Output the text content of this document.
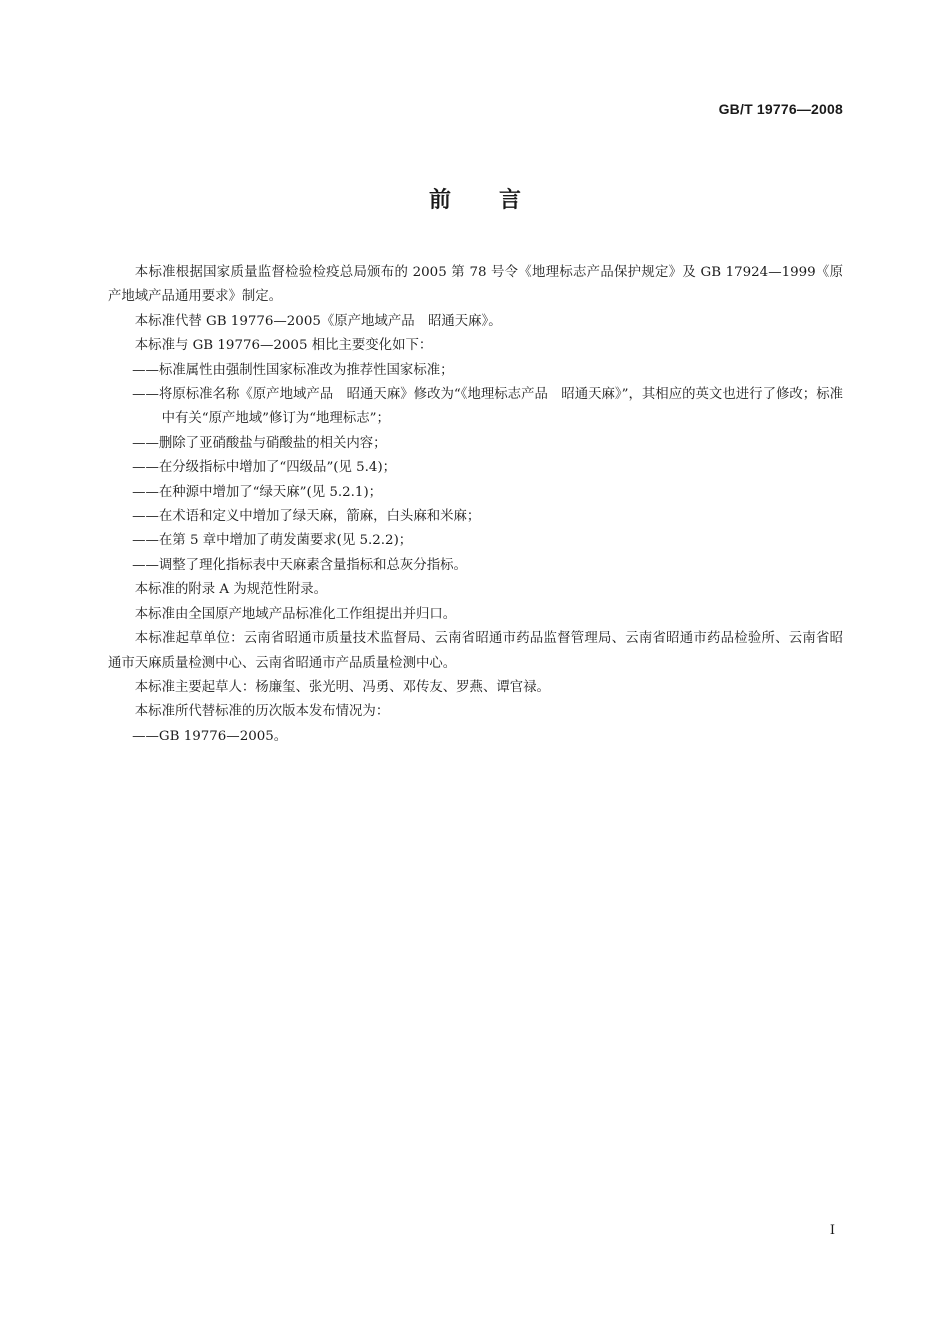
GB/T 19776—2008
前言

本标准根据国家质量监督检验检疫总局颁布的 2005 第 78 号令《地理标志产品保护规定》及 GB 17924—1999《原产地域产品通用要求》制定。

本标准代替 GB 19776—2005《原产地域产品　昭通天麻》。

本标准与 GB 19776—2005 相比主要变化如下：

——标准属性由强制性国家标准改为推荐性国家标准；

——将原标准名称《原产地域产品　昭通天麻》修改为“《地理标志产品　昭通天麻》”，其相应的英文也进行了修改；标准中有关“原产地域”修订为“地理标志”；

——删除了亚硝酸盐与硝酸盐的相关内容；

——在分级指标中增加了“四级品”(见 5.4)；

——在种源中增加了“绿天麻”(见 5.2.1)；

——在术语和定义中增加了绿天麻，箭麻，白头麻和米麻；

——在第 5 章中增加了萌发菌要求(见 5.2.2)；

——调整了理化指标表中天麻素含量指标和总灰分指标。

本标准的附录 A 为规范性附录。

本标准由全国原产地域产品标准化工作组提出并归口。

本标准起草单位：云南省昭通市质量技术监督局、云南省昭通市药品监督管理局、云南省昭通市药品检验所、云南省昭通市天麻质量检测中心、云南省昭通市产品质量检测中心。

本标准主要起草人：杨廉玺、张光明、冯勇、邓传友、罗燕、谭官禄。

本标准所代替标准的历次版本发布情况为：

——GB 19776—2005。

I
